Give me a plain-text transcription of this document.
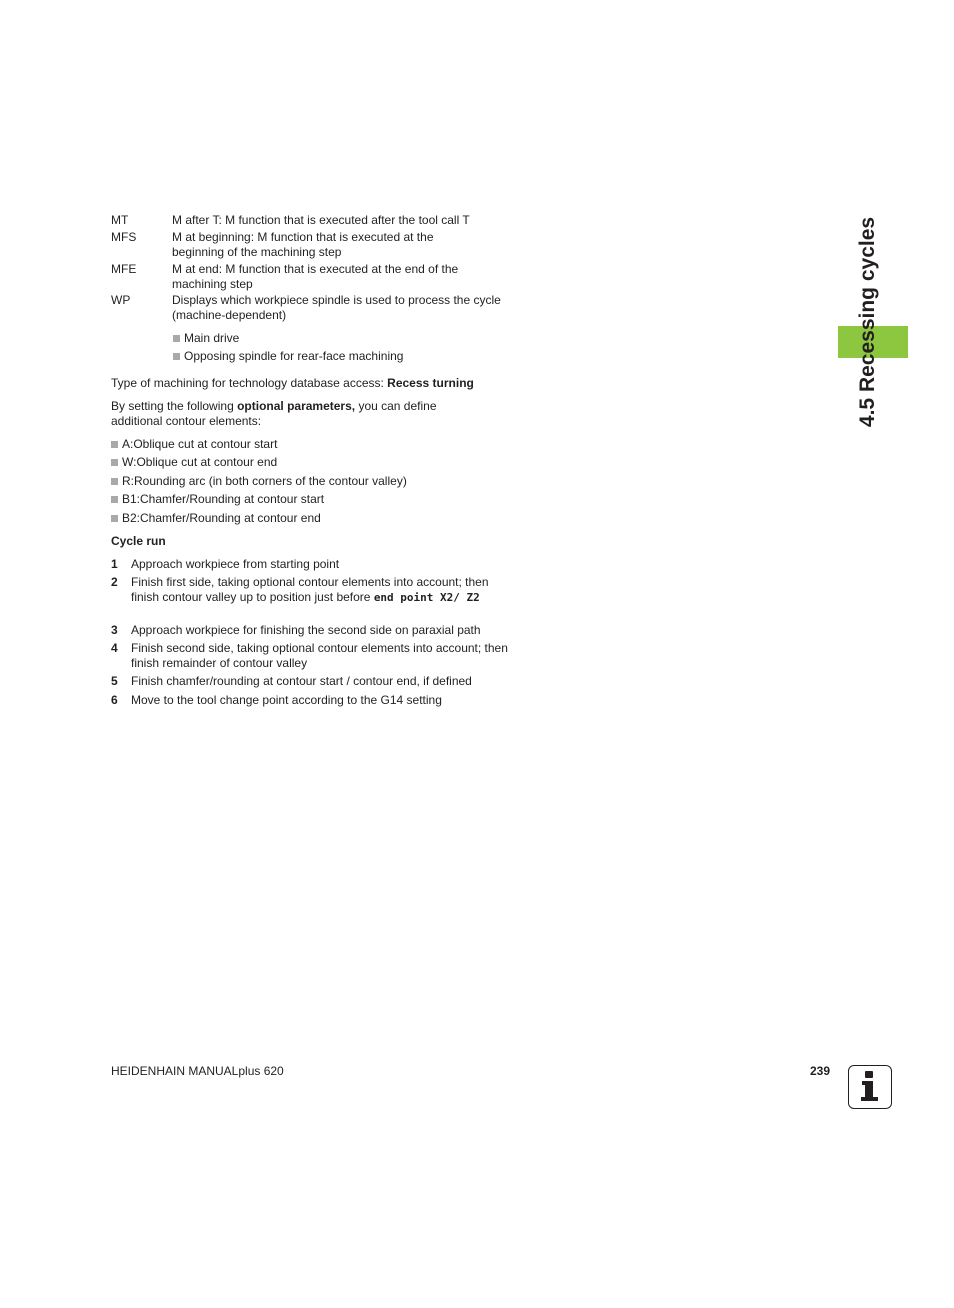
4.5 Recessing cycles
MT	M after T: M function that is executed after the tool call T
MFS	M at beginning: M function that is executed at the beginning of the machining step
MFE	M at end: M function that is executed at the end of the machining step
WP	Displays which workpiece spindle is used to process the cycle (machine-dependent)
Main drive
Opposing spindle for rear-face machining
Type of machining for technology database access: Recess turning
By setting the following optional parameters, you can define additional contour elements:
A:Oblique cut at contour start
W:Oblique cut at contour end
R:Rounding arc (in both corners of the contour valley)
B1:Chamfer/Rounding at contour start
B2:Chamfer/Rounding at contour end
Cycle run
1	Approach workpiece from starting point
2	Finish first side, taking optional contour elements into account; then finish contour valley up to position just before end point X2/ Z2
3	Approach workpiece for finishing the second side on paraxial path
4	Finish second side, taking optional contour elements into account; then finish remainder of contour valley
5	Finish chamfer/rounding at contour start / contour end, if defined
6	Move to the tool change point according to the G14 setting
HEIDENHAIN MANUALplus 620	239
